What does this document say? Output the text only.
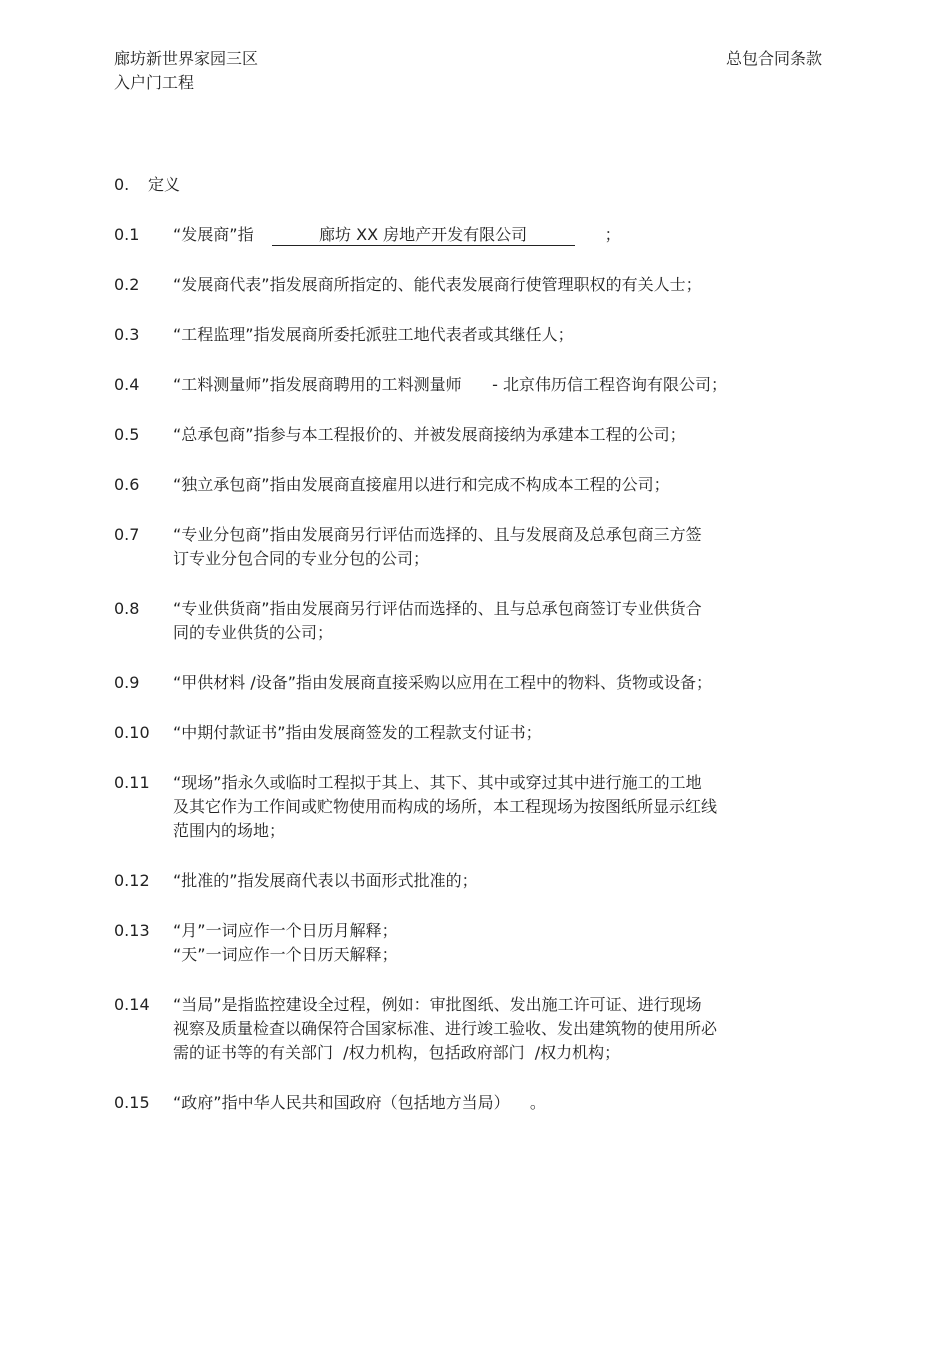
廊坊新世界家园三区
入户门工程
总包合同条款
0. 定义
0.1	“发展商”指	廊坊 XX 房地产开发有限公司	；
0.2	“发展商代表”指发展商所指定的、能代表发展商行使管理职权的有关人士；
0.3	“工程监理”指发展商所委托派驻工地代表者或其继任人；
0.4	“工料测量师”指发展商聘用的工料测量师      - 北京伟历信工程咨询有限公司；
0.5	“总承包商”指参与本工程报价的、并被发展商接纳为承建本工程的公司；
0.6	“独立承包商”指由发展商直接雇用以进行和完成不构成本工程的公司；
0.7	“专业分包商”指由发展商另行评估而选择的、且与发展商及总承包商三方签
订专业分包合同的专业分包的公司；
0.8	“专业供货商”指由发展商另行评估而选择的、且与总承包商签订专业供货合
同的专业供货的公司；
0.9	“甲供材料 /设备”指由发展商直接采购以应用在工程中的物料、货物或设备；
0.10	“中期付款证书”指由发展商签发的工程款支付证书；
0.11	“现场”指永久或临时工程拟于其上、其下、其中或穿过其中进行施工的工地
及其它作为工作间或贮物使用而构成的场所，本工程现场为按图纸所显示红线
范围内的场地；
0.12	“批准的”指发展商代表以书面形式批准的；
0.13	“月”一词应作一个日历月解释；
“天”一词应作一个日历天解释；
0.14	“当局”是指监控建设全过程，例如：审批图纸、发出施工许可证、进行现场
视察及质量检查以确保符合国家标准、进行竣工验收、发出建筑物的使用所必
需的证书等的有关部门  /权力机构，包括政府部门  /权力机构；
0.15	“政府”指中华人民共和国政府（包括地方当局）    。
